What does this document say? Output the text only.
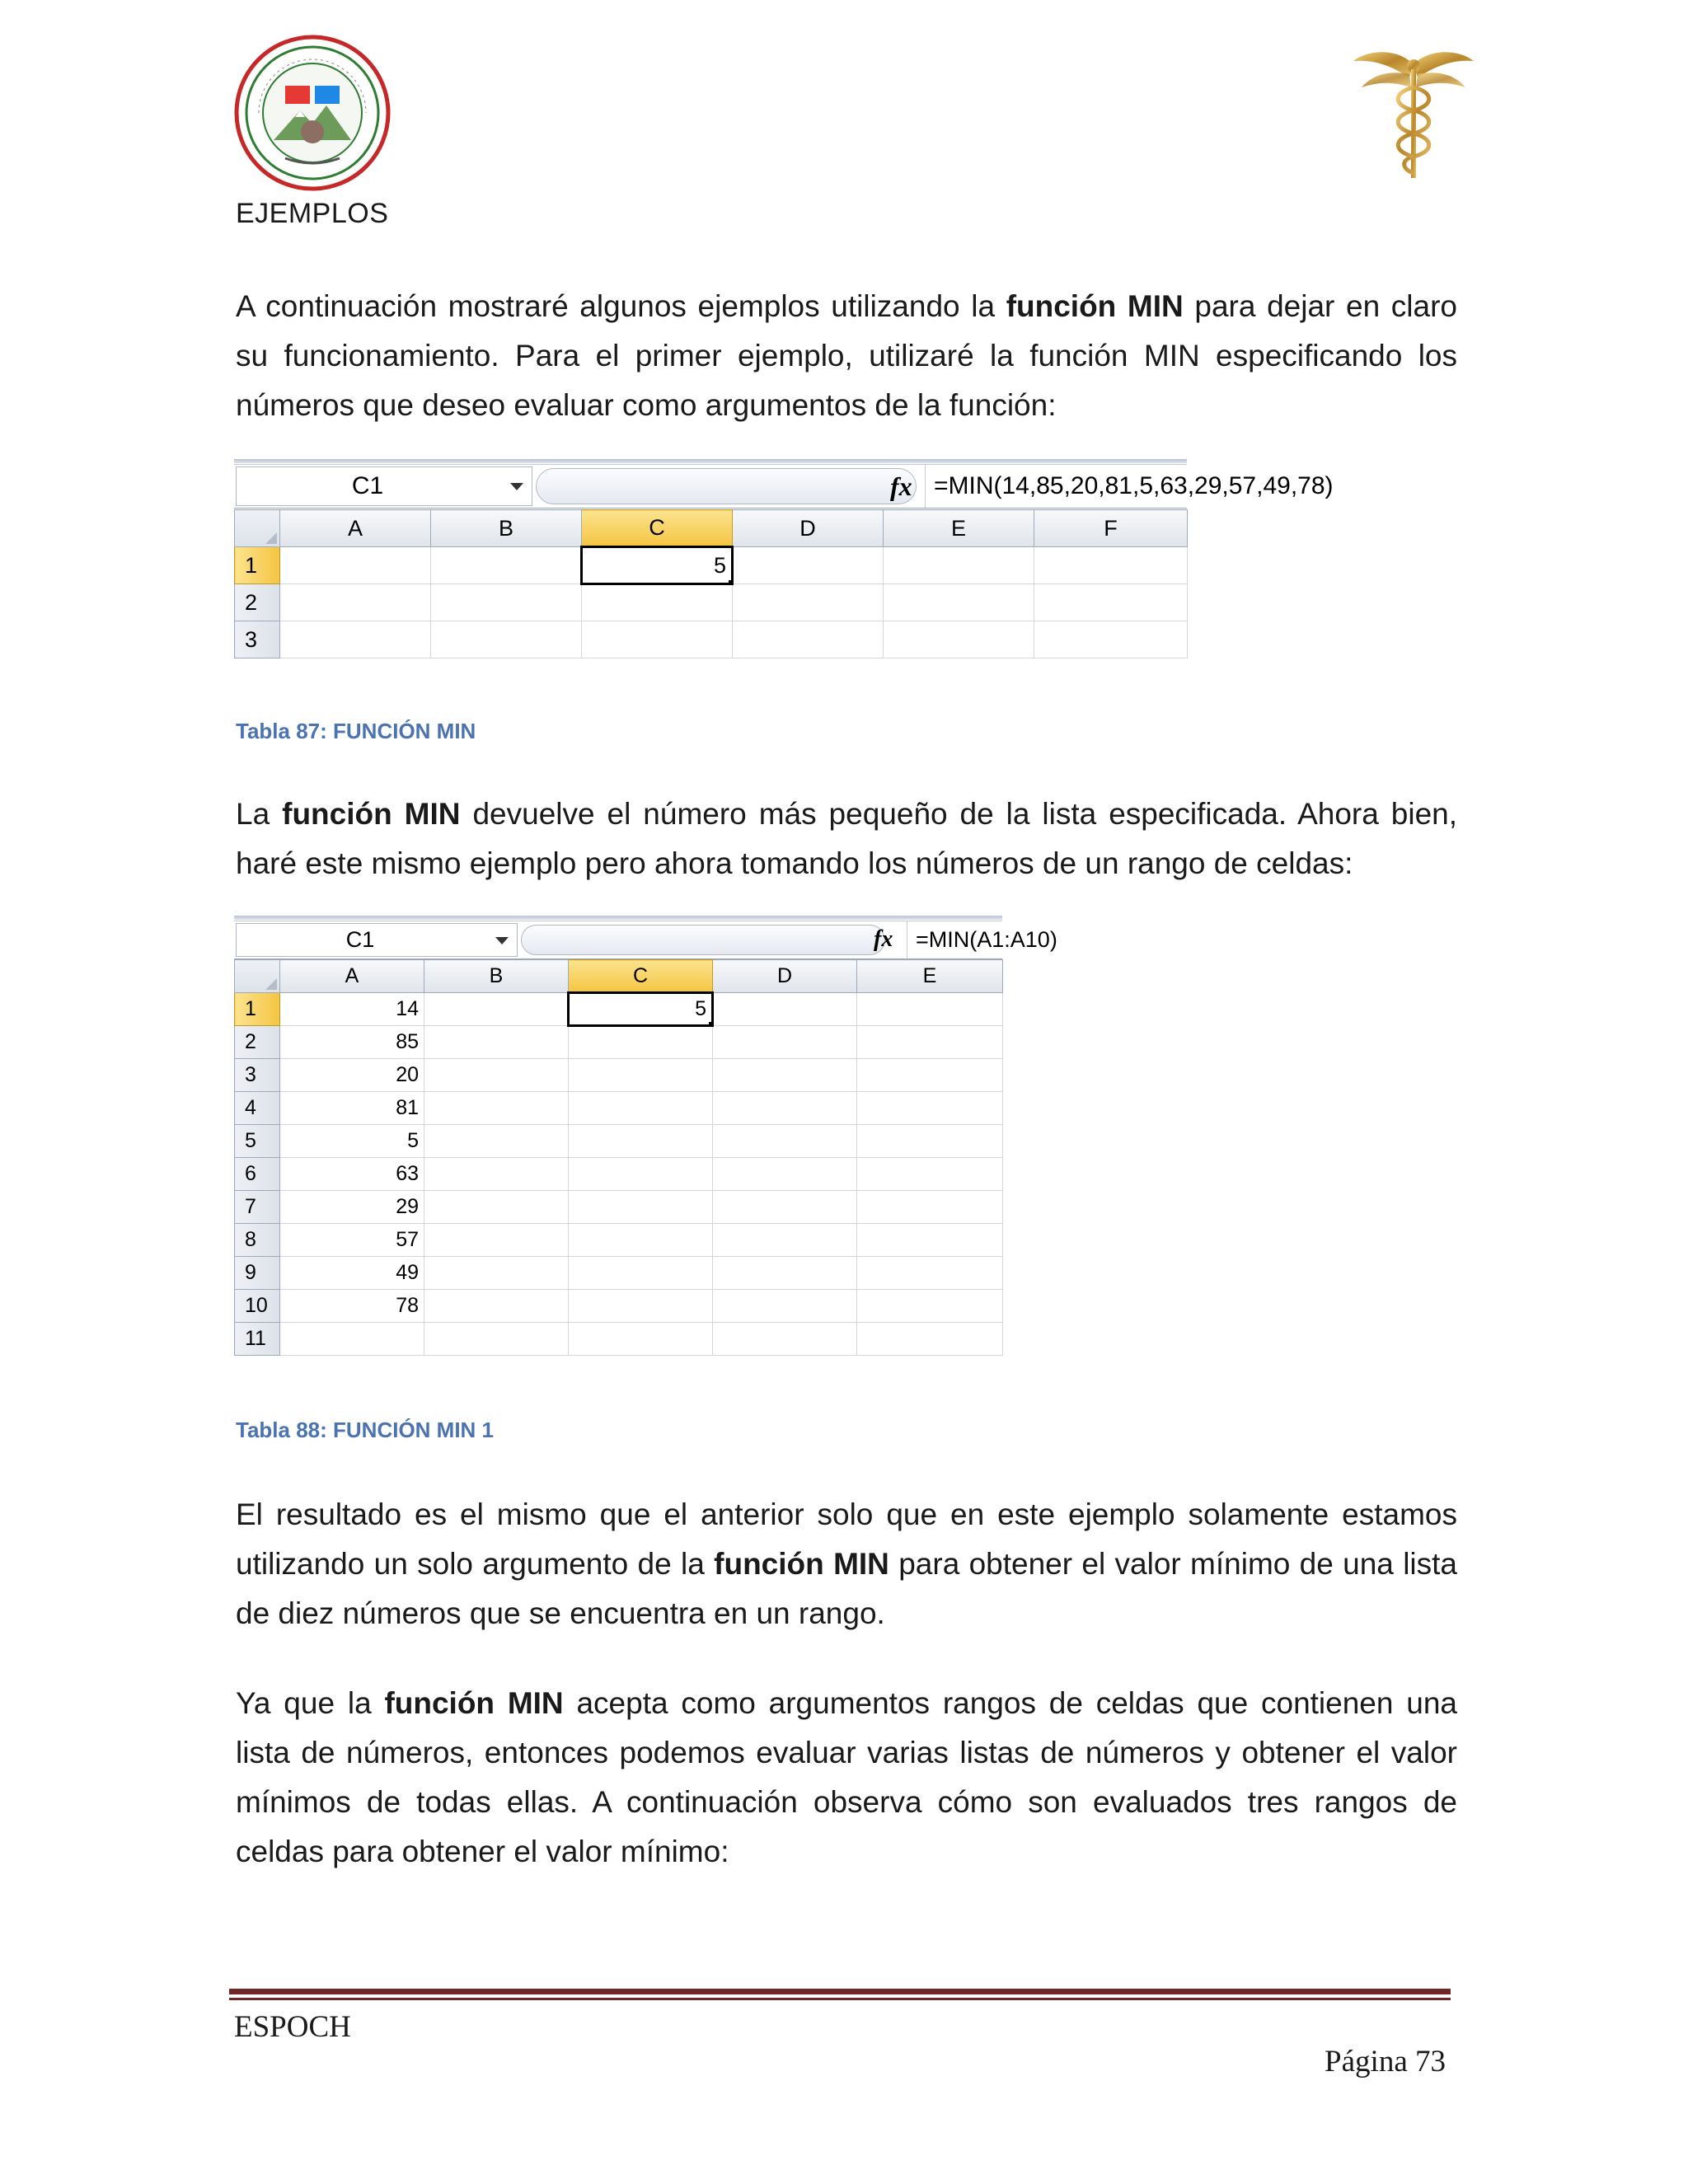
EJEMPLOS
A continuación mostraré algunos ejemplos utilizando la función MIN para dejar en claro su funcionamiento. Para el primer ejemplo, utilizaré la función MIN especificando los números que deseo evaluar como argumentos de la función:
C1	fx =MIN(14,85,20,81,5,63,29,57,49,78)
	A	B	C	D	E	F
1			5			
2						
3						
Tabla 87: FUNCIÓN MIN
La función MIN devuelve el número más pequeño de la lista especificada. Ahora bien, haré este mismo ejemplo pero ahora tomando los números de un rango de celdas:
C1	fx	=MIN(A1:A10)
	A	B	C	D	E
1	14		5		
2	85				
3	20				
4	81				
5	5				
6	63				
7	29				
8	57				
9	49				
10	78				
11					
Tabla 88: FUNCIÓN MIN 1
El resultado es el mismo que el anterior solo que en este ejemplo solamente estamos utilizando un solo argumento de la función MIN para obtener el valor mínimo de una lista de diez números que se encuentra en un rango.
Ya que la función MIN acepta como argumentos rangos de celdas que contienen una lista de números, entonces podemos evaluar varias listas de números y obtener el valor mínimos de todas ellas. A continuación observa cómo son evaluados tres rangos de celdas para obtener el valor mínimo:
ESPOCH
Página 73
